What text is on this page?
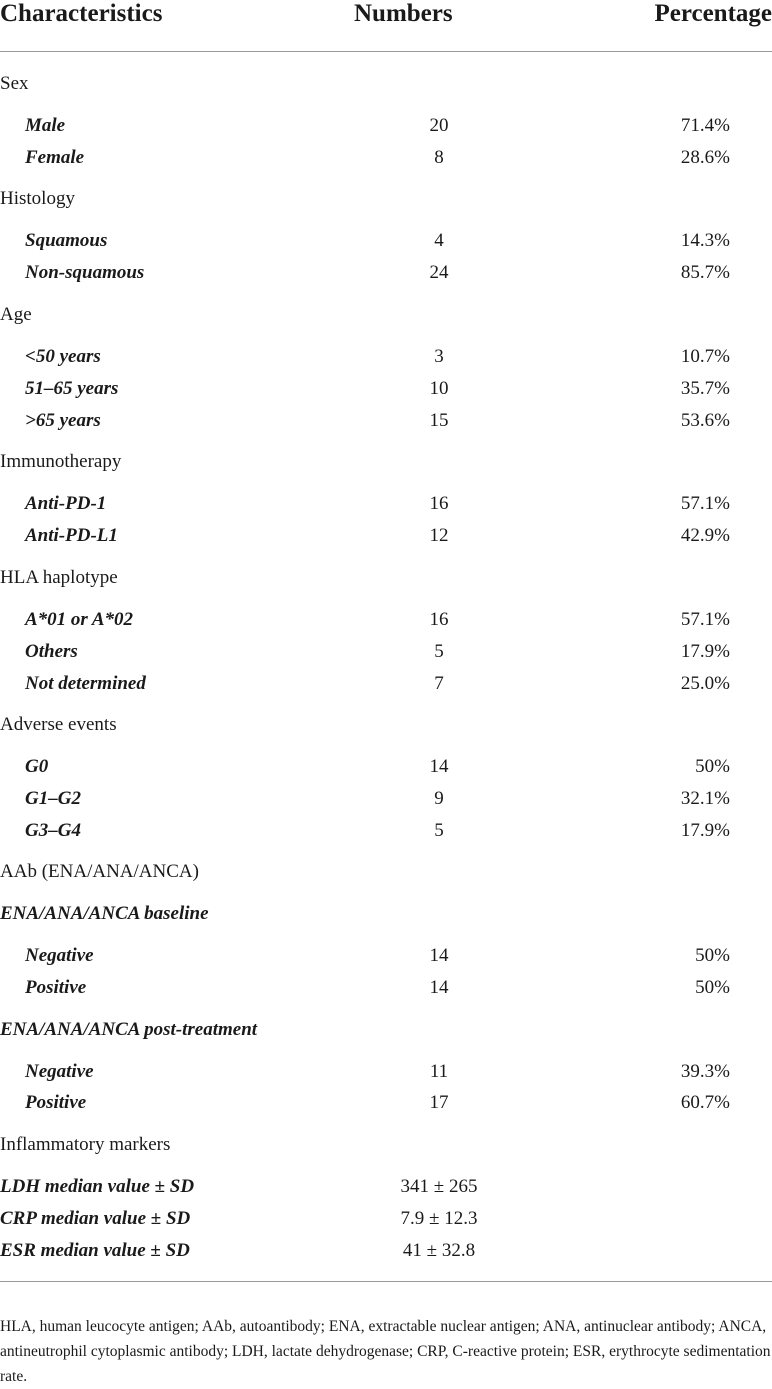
Characteristics	Numbers	Percentage
Sex
Male	20	71.4%
Female	8	28.6%
Histology
Squamous	4	14.3%
Non-squamous	24	85.7%
Age
<50 years	3	10.7%
51–65 years	10	35.7%
>65 years	15	53.6%
Immunotherapy
Anti-PD-1	16	57.1%
Anti-PD-L1	12	42.9%
HLA haplotype
A*01 or A*02	16	57.1%
Others	5	17.9%
Not determined	7	25.0%
Adverse events
G0	14	50%
G1–G2	9	32.1%
G3–G4	5	17.9%
AAb (ENA/ANA/ANCA)
ENA/ANA/ANCA baseline
Negative	14	50%
Positive	14	50%
ENA/ANA/ANCA post-treatment
Negative	11	39.3%
Positive	17	60.7%
Inflammatory markers
LDH median value ± SD	341 ± 265
CRP median value ± SD	7.9 ± 12.3
ESR median value ± SD	41 ± 32.8
HLA, human leucocyte antigen; AAb, autoantibody; ENA, extractable nuclear antigen; ANA, antinuclear antibody; ANCA, antineutrophil cytoplasmic antibody; LDH, lactate dehydrogenase; CRP, C-reactive protein; ESR, erythrocyte sedimentation rate.
